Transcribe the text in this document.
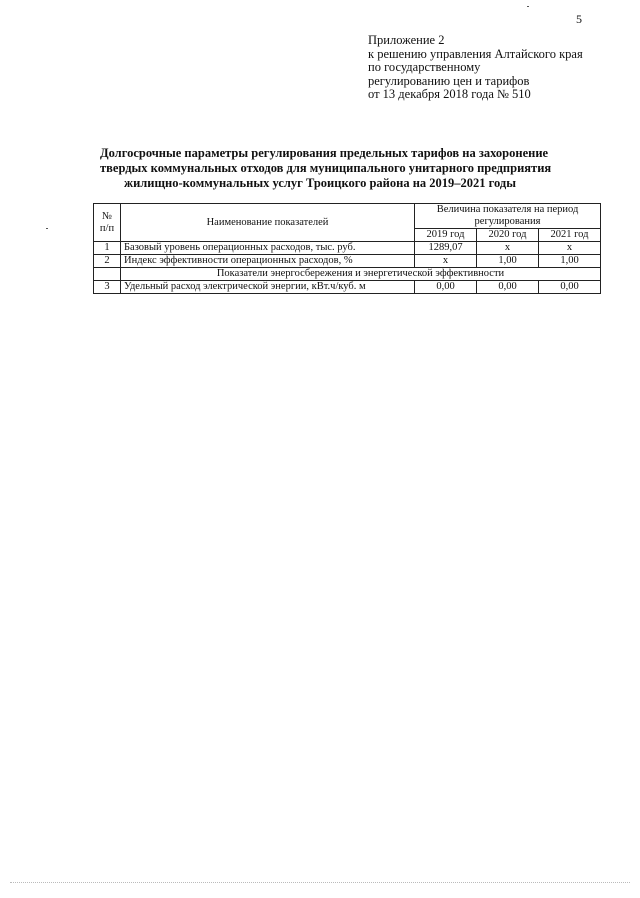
5
Приложение 2
к решению управления Алтайского края
по государственному
регулированию цен и тарифов
от 13 декабря 2018 года № 510
Долгосрочные параметры регулирования предельных тарифов на захоронение
твердых коммунальных отходов для муниципального унитарного предприятия
жилищно-коммунальных услуг Троицкого района на 2019–2021 годы
№ п/п	Наименование показателей	Величина показателя на период регулирования		
		2019 год	2020 год	2021 год
1	Базовый уровень операционных расходов, тыс. руб.	1289,07	х	х
2	Индекс эффективности операционных расходов, %	х	1,00	1,00
	Показатели энергосбережения и энергетической эффективности			
3	Удельный расход электрической энергии, кВт.ч/куб. м	0,00	0,00	0,00
